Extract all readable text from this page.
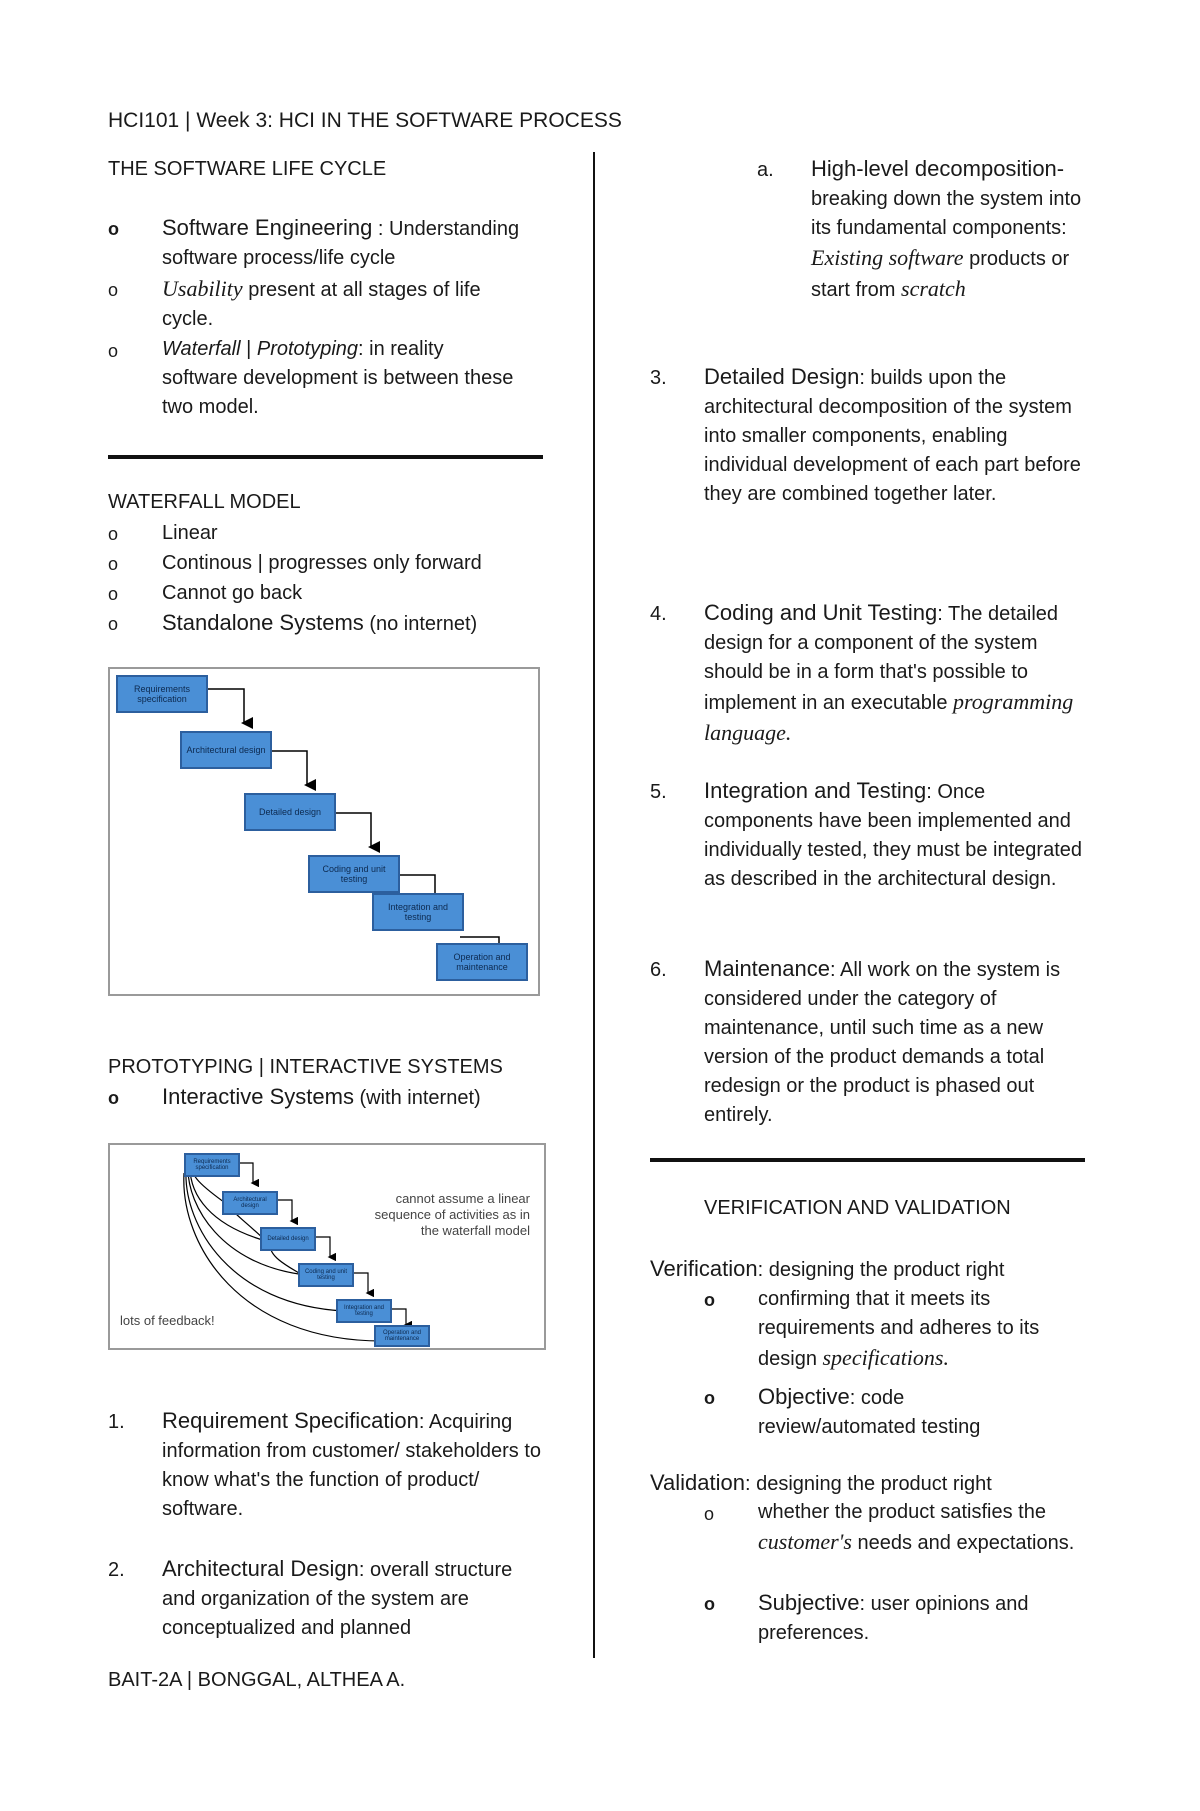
HCI101 | Week 3: HCI IN THE SOFTWARE PROCESS
THE SOFTWARE LIFE CYCLE
o Software Engineering : Understanding software process/life cycle
o Usability present at all stages of life cycle.
o Waterfall | Prototyping: in reality software development is between these two model.
WATERFALL MODEL
o Linear
o Continous | progresses only forward
o Cannot go back
o Standalone Systems (no internet)
Requirements specification
Architectural design
Detailed design
Coding and unit testing
Integration and testing
Operation and maintenance
PROTOTYPING | INTERACTIVE SYSTEMS
o Interactive Systems (with internet)
Requirements specification
Architectural design
Detailed design
Coding and unit testing
Integration and testing
Operation and maintenance
cannot assume a linear sequence of activities as in the waterfall model
lots of feedback!
1. Requirement Specification: Acquiring information from customer/ stakeholders to know what's the function of product/ software.
2. Architectural Design: overall structure and organization of the system are conceptualized and planned
BAIT-2A | BONGGAL, ALTHEA A.
a. High-level decomposition-
breaking down the system into its fundamental components: Existing software products or start from scratch
3. Detailed Design: builds upon the architectural decomposition of the system into smaller components, enabling individual development of each part before they are combined together later.
4. Coding and Unit Testing: The detailed design for a component of the system should be in a form that's possible to implement in an executable programming language.
5. Integration and Testing: Once components have been implemented and individually tested, they must be integrated as described in the architectural design.
6. Maintenance: All work on the system is considered under the category of maintenance, until such time as a new version of the product demands a total redesign or the product is phased out entirely.
VERIFICATION AND VALIDATION
Verification: designing the product right
o confirming that it meets its requirements and adheres to its design specifications.
o Objective: code review/automated testing
Validation: designing the product right
o whether the product satisfies the customer's needs and expectations.
o Subjective: user opinions and preferences.
